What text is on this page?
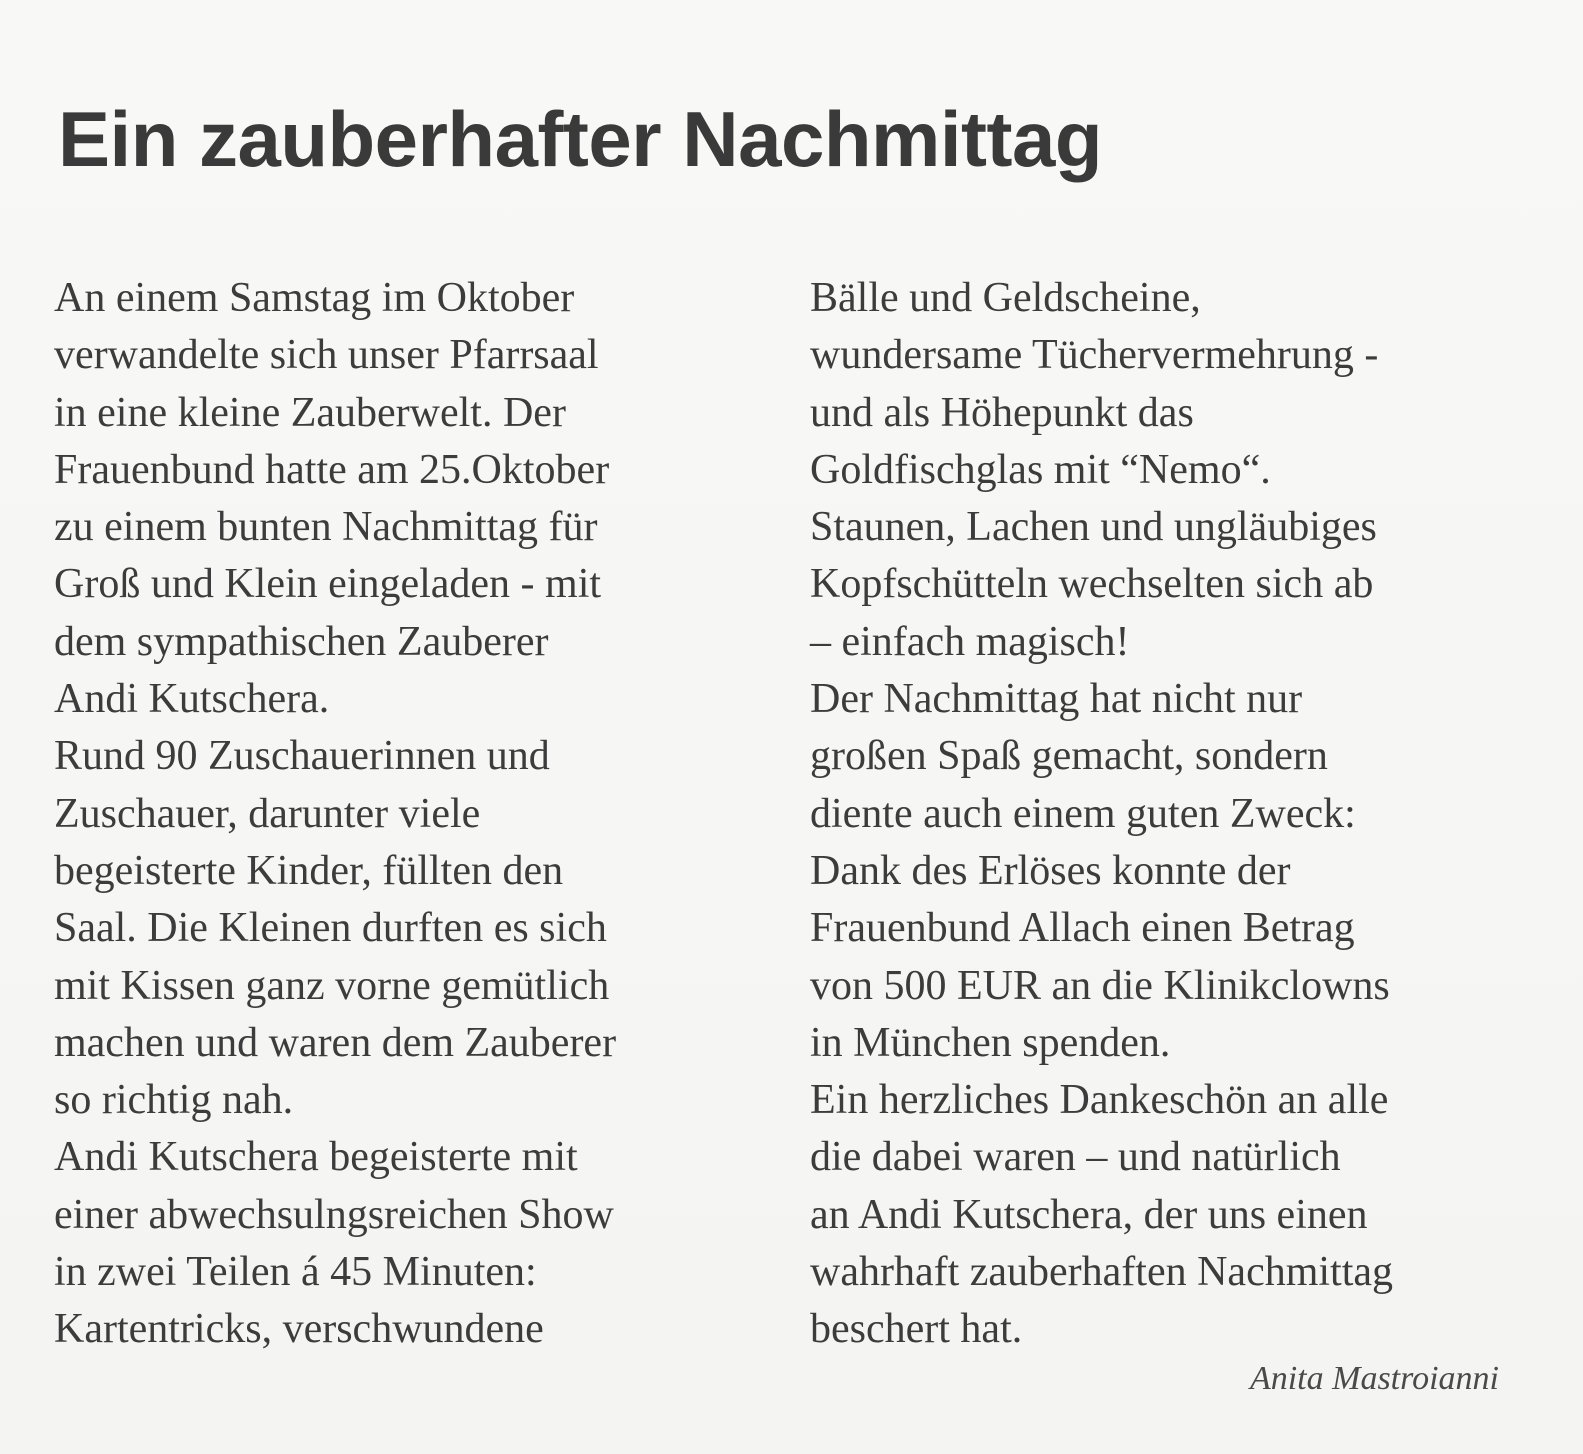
Ein zauberhafter Nachmittag
An einem Samstag im Oktober
verwandelte sich unser Pfarrsaal
in eine kleine Zauberwelt. Der
Frauenbund hatte am 25.Oktober
zu einem bunten Nachmittag für
Groß und Klein eingeladen - mit
dem sympathischen Zauberer
Andi Kutschera.
Rund 90 Zuschauerinnen und
Zuschauer, darunter viele
begeisterte Kinder, füllten den
Saal. Die Kleinen durften es sich
mit Kissen ganz vorne gemütlich
machen und waren dem Zauberer
so richtig nah.
Andi Kutschera begeisterte mit
einer abwechsulngsreichen Show
in zwei Teilen á 45 Minuten:
Kartentricks, verschwundene
Bälle und Geldscheine,
wundersame Tüchervermehrung -
und als Höhepunkt das
Goldfischglas mit “Nemo“.
Staunen, Lachen und ungläubiges
Kopfschütteln wechselten sich ab
– einfach magisch!
Der Nachmittag hat nicht nur
großen Spaß gemacht, sondern
diente auch einem guten Zweck:
Dank des Erlöses konnte der
Frauenbund Allach einen Betrag
von 500 EUR an die Klinikclowns
in München spenden.
Ein herzliches Dankeschön an alle
die dabei waren – und natürlich
an Andi Kutschera, der uns einen
wahrhaft zauberhaften Nachmittag
beschert hat.
Anita Mastroianni
